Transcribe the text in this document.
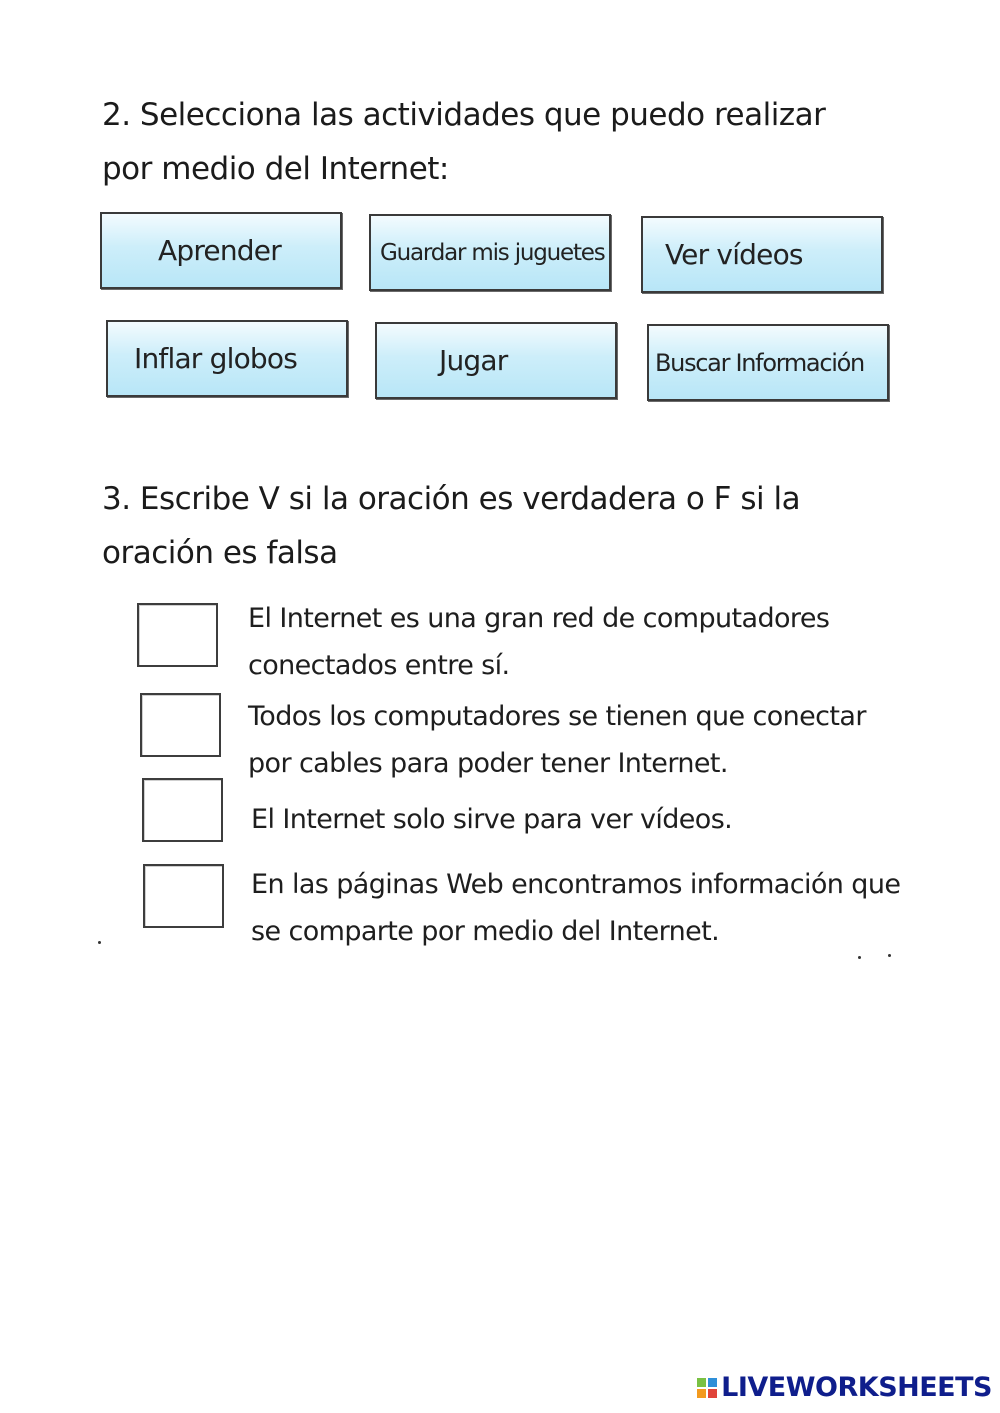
2. Selecciona las actividades que puedo realizar por medio del Internet:
Aprender	Guardar mis juguetes	Ver vídeos
Inflar globos	Jugar	Buscar Información
3. Escribe V si la oración es verdadera o F si la oración es falsa

El Internet es una gran red de computadores conectados entre sí.

Todos los computadores se tienen que conectar por cables para poder tener Internet.

El Internet solo sirve para ver vídeos.

En las páginas Web encontramos información que se comparte por medio del Internet.

LIVEWORKSHEETS
